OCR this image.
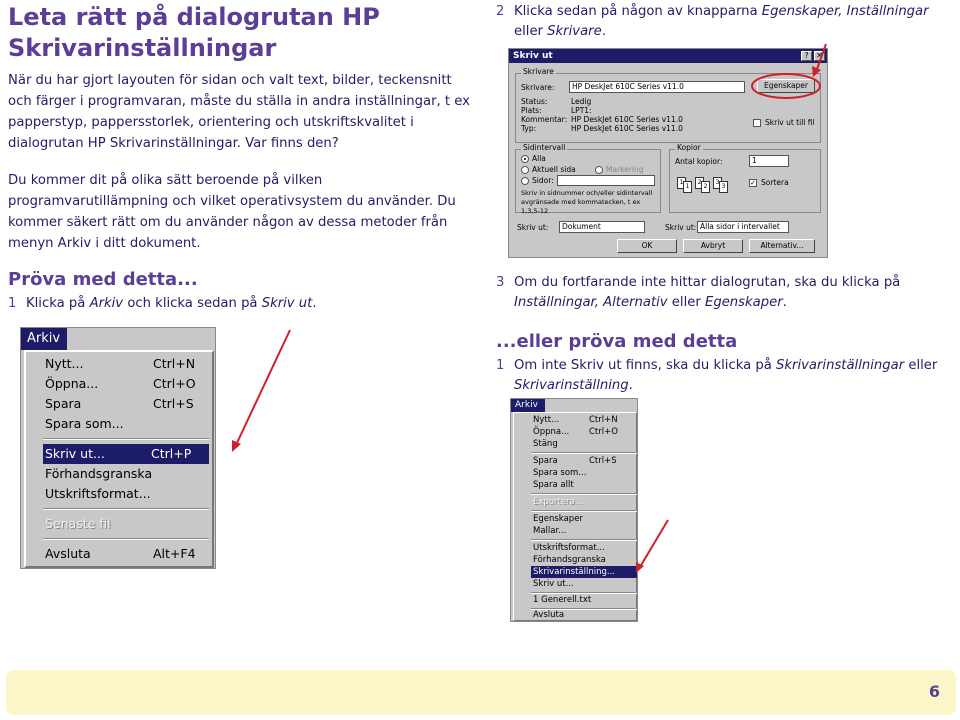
Leta rätt på dialogrutan HP Skrivarinställningar
När du har gjort layouten för sidan och valt text, bilder, teckensnitt och färger i programvaran, måste du ställa in andra inställningar, t ex papperstyp, pappersstorlek, orientering och utskriftskvalitet i dialogrutan HP Skrivarinställningar. Var finns den?
Du kommer dit på olika sätt beroende på vilken programvarutillämpning och vilket operativsystem du använder. Du kommer säkert rätt om du använder någon av dessa metoder från menyn Arkiv i ditt dokument.
Pröva med detta...
1 Klicka på Arkiv och klicka sedan på Skriv ut.
2 Klicka sedan på någon av knapparna Egenskaper, Inställningar
eller Skrivare.
3 Om du fortfarande inte hittar dialogrutan, ska du klicka på
Inställningar, Alternativ eller Egenskaper.
...eller pröva med detta
1 Om inte Skriv ut finns, ska du klicka på Skrivarinställningar eller
Skrivarinställning.
Arkiv
Nytt...	Ctrl+N
Öppna...	Ctrl+O
Spara	Ctrl+S
Spara som...
Skriv ut...	Ctrl+P
Förhandsgranska
Utskriftsformat...
Senaste fil
Avsluta	Alt+F4
Skriv ut	? ✕
Skrivare
Skrivare:	HP DeskJet 610C Series v11.0	Egenskaper
Status:	Ledig
Plats:	LPT1:
Kommentar: HP DeskJet 610C Series v11.0
Typ:	HP DeskJet 610C Series v11.0
Skriv ut till fil
Sidintervall
Alla
Aktuell sida	Markering
Sidor:
Skriv in sidnummer och/eller sidintervall avgränsade med kommatecken, t ex 1,3,5-12
Kopior
Antal kopior:	1
1
1
2
2
3
3	✓ Sortera
Skriv ut:	Dokument	Skriv ut: Alla sidor i intervallet
OK	Avbryt	Alternativ...
Arkiv
Nytt...	Ctrl+N
Öppna... Ctrl+O
Stäng
Spara	Ctrl+S
Spara som...
Spara allt
Exportera...
Egenskaper
Mallar...
Utskriftsformat...
Förhandsgranska
Skrivarinställning...
Skriv ut...
1 Generell.txt
Avsluta
6
